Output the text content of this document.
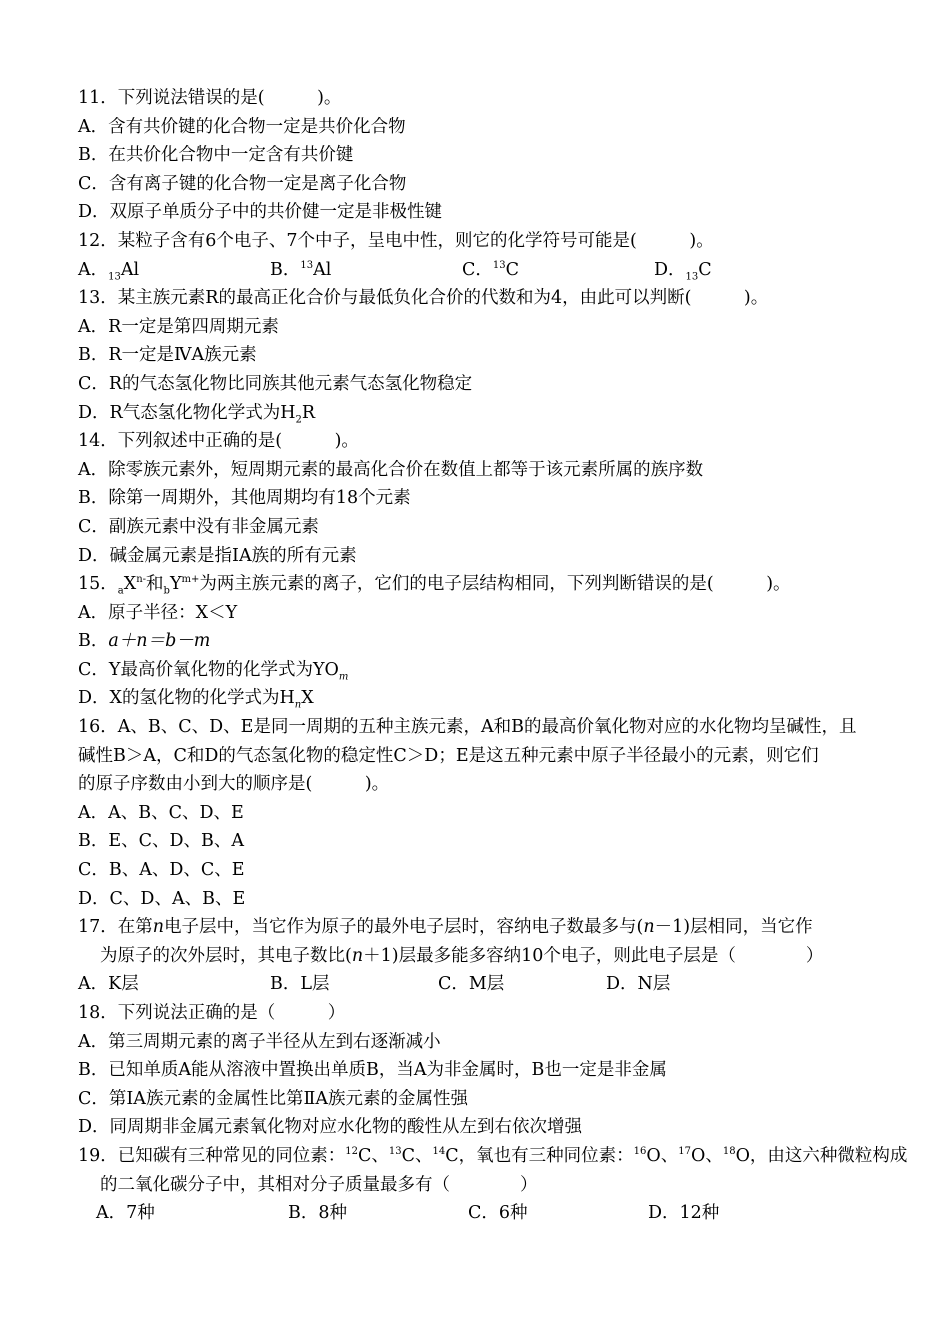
11．下列说法错误的是(　　　)。
A．含有共价键的化合物一定是共价化合物
B．在共价化合物中一定含有共价键
C．含有离子键的化合物一定是离子化合物
D．双原子单质分子中的共价健一定是非极性键
12．某粒子含有6个电子、7个中子，呈电中性，则它的化学符号可能是(　　　)。
A．$_{13}$Al	B．$^{13}$Al	C．$^{13}$C	D．$_{13}$C
13．某主族元素R的最高正化合价与最低负化合价的代数和为4，由此可以判断(　　　)。
A．R一定是第四周期元素
B．R一定是ⅣA族元素
C．R的气态氢化物比同族其他元素气态氢化物稳定
D．R气态氢化物化学式为$H_2R$
14．下列叙述中正确的是(　　　)。
A．除零族元素外，短周期元素的最高化合价在数值上都等于该元素所属的族序数
B．除第一周期外，其他周期均有18个元素
C．副族元素中没有非金属元素
D．碱金属元素是指ⅠA族的所有元素
15．$_aX^{n-}$和$_bY^{m+}$为两主族元素的离子，它们的电子层结构相同，下列判断错误的是(　　　)。
A．原子半径：X＜Y
B．a＋n＝b－m
C．Y最高价氧化物的化学式为$YO_m$
D．X的氢化物的化学式为$H_nX$
16．A、B、C、D、E是同一周期的五种主族元素，A和B的最高价氧化物对应的水化物均呈碱性，且
碱性B＞A，C和D的气态氢化物的稳定性C＞D；E是这五种元素中原子半径最小的元素，则它们
的原子序数由小到大的顺序是(　　　)。
A．A、B、C、D、E
B．E、C、D、B、A
C．B、A、D、C、E
D．C、D、A、B、E
17．在第n电子层中，当它作为原子的最外电子层时，容纳电子数最多与(n－1)层相同，当它作
为原子的次外层时，其电子数比(n＋1)层最多能多容纳10个电子，则此电子层是（　　　　）
A．K层	B．L层	C．M层	D．N层
18．下列说法正确的是（　　　）
A．第三周期元素的离子半径从左到右逐渐减小
B．已知单质A能从溶液中置换出单质B，当A为非金属时，B也一定是非金属
C．第ⅠA族元素的金属性比第ⅡA族元素的金属性强
D．同周期非金属元素氧化物对应水化物的酸性从左到右依次增强
19．已知碳有三种常见的同位素：$^{12}$C、$^{13}$C、$^{14}$C，氧也有三种同位素：$^{16}$O、$^{17}$O、$^{18}$O，由这六种微粒构成
的二氧化碳分子中，其相对分子质量最多有（　　　　）
A．7种	B．8种	C．6种	D．12种
